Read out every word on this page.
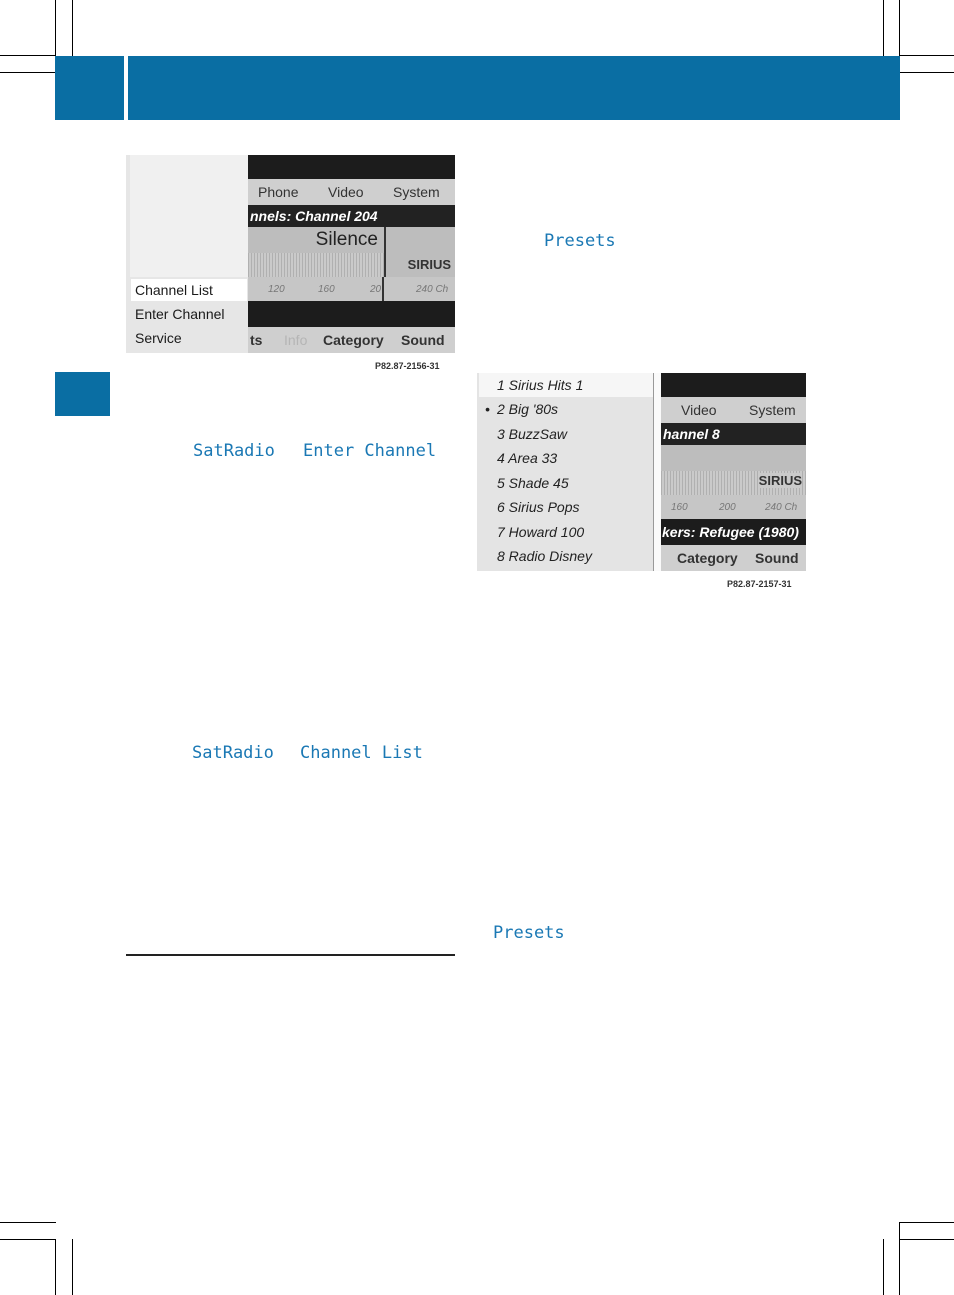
Channel List
Enter Channel
Service
Phone Video System
nnels: Channel 204
Silence
SIRIUS
120	160	20	240 Ch
ts Info Category Sound
P82.87-2156-31
SatRadio Enter Channel
SatRadio Channel List
Presets
Presets
1 Sirius Hits 1
• 2 Big '80s
3 BuzzSaw
4 Area 33
5 Shade 45
6 Sirius Pops
7 Howard 100
8 Radio Disney
Video System
hannel 8
SIRIUS
160	200	240 Ch
kers: Refugee (1980)
Category Sound
P82.87-2157-31
